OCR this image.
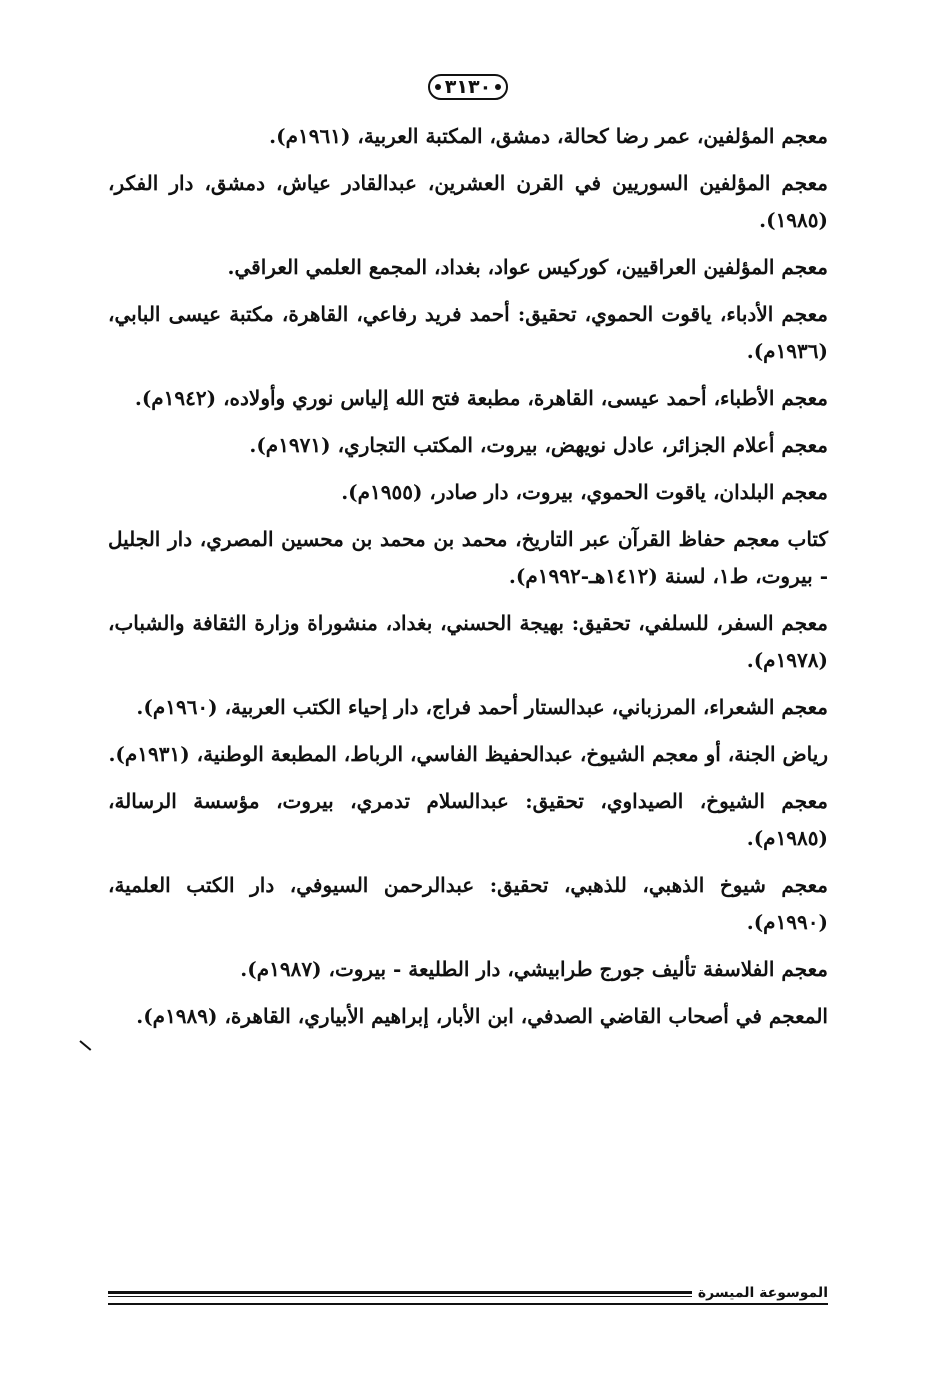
٣١٣٠
معجم المؤلفين، عمر رضا كحالة، دمشق، المكتبة العربية، (١٩٦١م).
معجم المؤلفين السوريين في القرن العشرين، عبدالقادر عياش، دمشق، دار الفكر، (١٩٨٥).
معجم المؤلفين العراقيين، كوركيس عواد، بغداد، المجمع العلمي العراقي.
معجم الأدباء، ياقوت الحموي، تحقيق: أحمد فريد رفاعي، القاهرة، مكتبة عيسى البابي، (١٩٣٦م).
معجم الأطباء، أحمد عيسى، القاهرة، مطبعة فتح الله إلياس نوري وأولاده، (١٩٤٢م).
معجم أعلام الجزائر، عادل نويهض، بيروت، المكتب التجاري، (١٩٧١م).
معجم البلدان، ياقوت الحموي، بيروت، دار صادر، (١٩٥٥م).
كتاب معجم حفاظ القرآن عبر التاريخ، محمد بن محمد بن محسين المصري، دار الجليل - بيروت، ط١، لسنة (١٤١٢هـ-١٩٩٢م).
معجم السفر، للسلفي، تحقيق: بهيجة الحسني، بغداد، منشوراة وزارة الثقافة والشباب، (١٩٧٨م).
معجم الشعراء، المرزباني، عبدالستار أحمد فراج، دار إحياء الكتب العربية، (١٩٦٠م).
رياض الجنة، أو معجم الشيوخ، عبدالحفيظ الفاسي، الرباط، المطبعة الوطنية، (١٩٣١م).
معجم الشيوخ، الصيداوي، تحقيق: عبدالسلام تدمري، بيروت، مؤسسة الرسالة، (١٩٨٥م).
معجم شيوخ الذهبي، للذهبي، تحقيق: عبدالرحمن السيوفي، دار الكتب العلمية، (١٩٩٠م).
معجم الفلاسفة تأليف جورج طرابيشي، دار الطليعة - بيروت، (١٩٨٧م).
المعجم في أصحاب القاضي الصدفي، ابن الأبار، إبراهيم الأبياري، القاهرة، (١٩٨٩م).
الموسوعة الميسرة
